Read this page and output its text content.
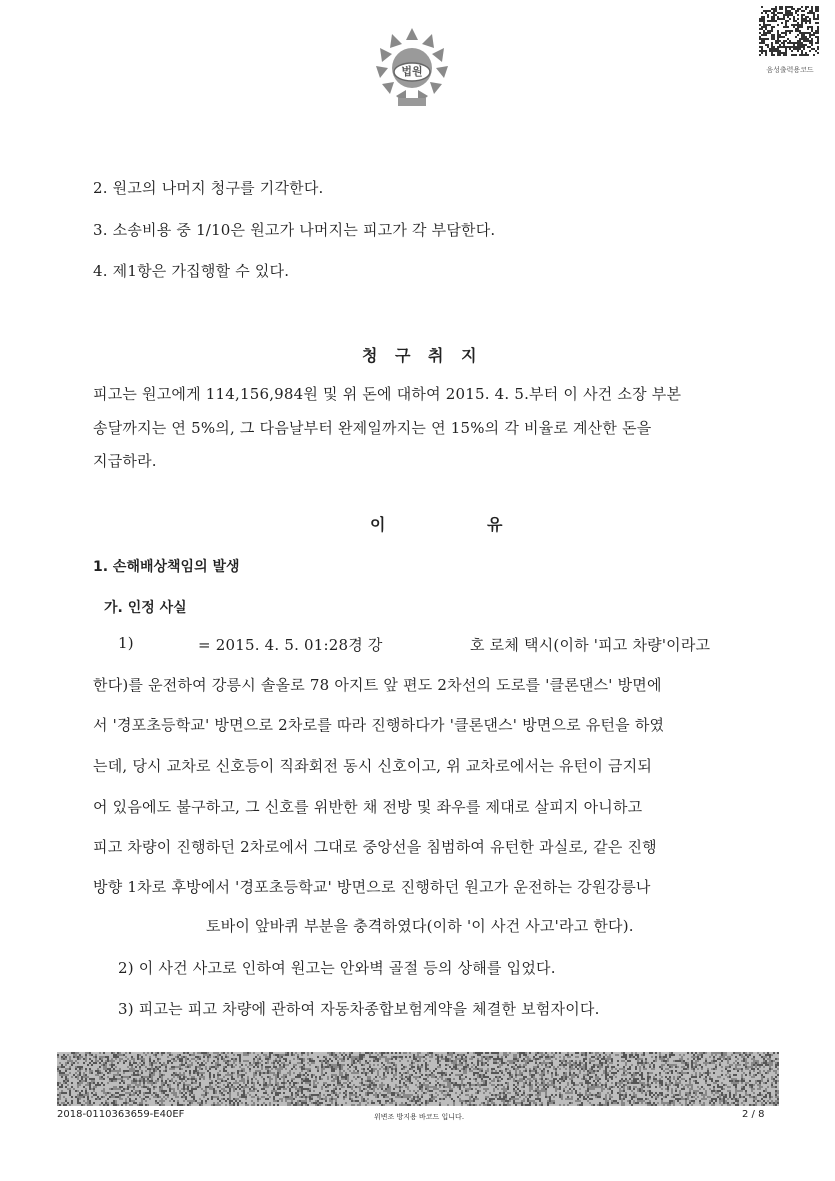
법원	음성출력용코드
2. 원고의 나머지 청구를 기각한다.
3. 소송비용 중 1/10은 원고가 나머지는 피고가 각 부담한다.
4. 제1항은 가집행할 수 있다.
청 구 취 지
피고는 원고에게 114,156,984원 및 위 돈에 대하여 2015. 4. 5.부터 이 사건 소장 부본
송달까지는 연 5%의, 그 다음날부터 완제일까지는 연 15%의 각 비율로 계산한 돈을
지급하라.
이 유
1. 손해배상책임의 발생
가. 인정 사실
1)	= 2015. 4. 5. 01:28경 강	호 로체 택시(이하 '피고 차량'이라고
한다)를 운전하여 강릉시 솔올로 78 아지트 앞 편도 2차선의 도로를 '클론댄스' 방면에
서 '경포초등학교' 방면으로 2차로를 따라 진행하다가 '클론댄스' 방면으로 유턴을 하였
는데, 당시 교차로 신호등이 직좌회전 동시 신호이고, 위 교차로에서는 유턴이 금지되
어 있음에도 불구하고, 그 신호를 위반한 채 전방 및 좌우를 제대로 살피지 아니하고
피고 차량이 진행하던 2차로에서 그대로 중앙선을 침범하여 유턴한 과실로, 같은 진행
방향 1차로 후방에서 '경포초등학교' 방면으로 진행하던 원고가 운전하는 강원강릉나
토바이 앞바퀴 부분을 충격하였다(이하 '이 사건 사고'라고 한다).
2) 이 사건 사고로 인하여 원고는 안와벽 골절 등의 상해를 입었다.
3) 피고는 피고 차량에 관하여 자동차종합보험계약을 체결한 보험자이다.
2018-0110363659-E40EF	위변조 방지용 바코드 입니다.	2 / 8
